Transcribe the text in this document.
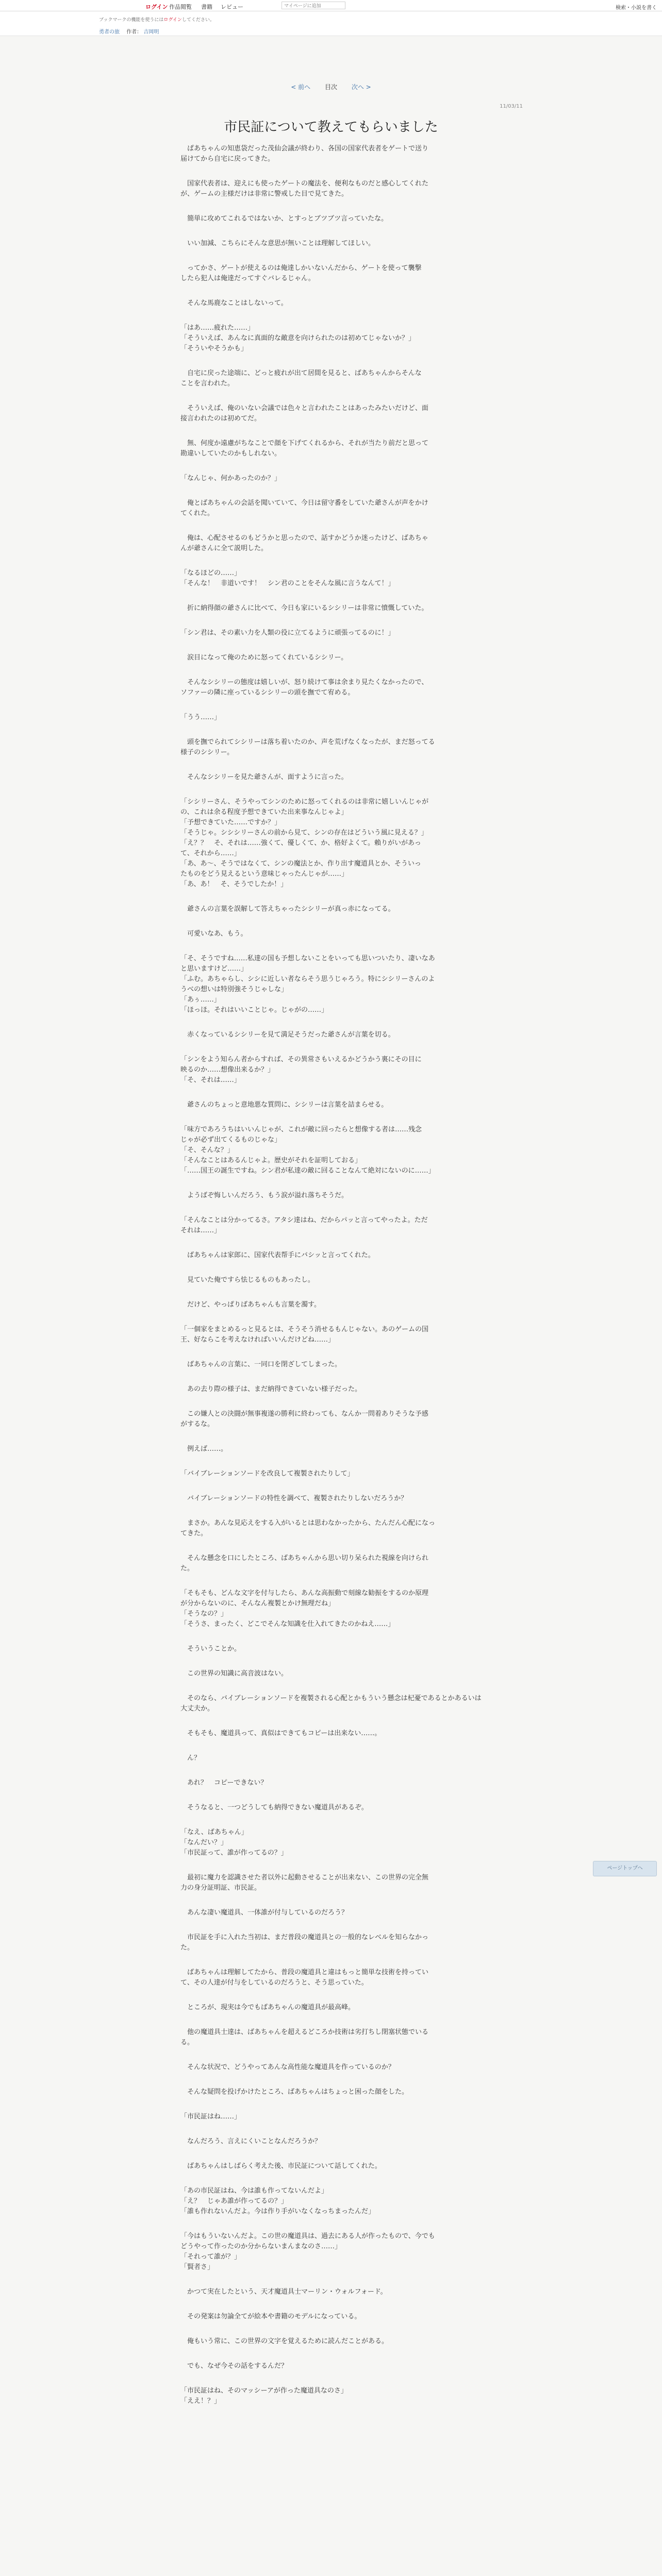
ログイン 作品閲覧 書籍 レビュー
マイページに追加	検索・小説を書く
ブックマークの機能を使うにはログインしてください。
勇者の旅 作者： 吉岡明
< 前へ 目次 次へ >
11/03/11
市民証について教えてもらいました
　ぱあちゃんの知恵袋だった茂仙会議が終わり、各国の国家代表者をゲートで送り
届けてから自宅に戻ってきた。
　国家代表者は、迎えにも使ったゲートの魔法を、便利なものだと感心してくれた
が、ゲームの主様だけは非常に警戒した目で見てきた。
　簡単に攻めてこれるではないか、とすっとブツブツ言っていたな。
　いい加減、こちらにそんな意思が無いことは理解してほしい。
　ってかさ、ゲートが使えるのは俺達しかいないんだから、ゲートを使って襲撃
したら犯人は俺達だってすぐバレるじゃん。
　そんな馬鹿なことはしないって。
「はあ……疲れた……」
「そういえば、あんなに真面的な敵意を向けられたのは初めてじゃないか？」
「そういやそうかも」
　自宅に戻った途端に、どっと疲れが出て居間を見ると、ばあちゃんからそんな
ことを言われた。
　そういえば、俺のいない会議では色々と言われたことはあったみたいだけど、面
接言われたのは初めてだ。
　無、何度か遠慮がちなことで顔を下げてくれるから、それが当たり前だと思って
勘違いしていたのかもしれない。
「なんじゃ、何かあったのか？」
　俺とばあちゃんの会話を聞いていて、今日は留守番をしていた爺さんが声をかけ
てくれた。
　俺は、心配させるのもどうかと思ったので、話すかどうか迷ったけど、ばあちゃ
んが爺さんに全て説明した。
「なるほどの……」
「そんな！　非道いです！　シン君のことをそんな風に言うなんて！」
　折に納得顔の爺さんに比べて、今日も家にいるシシリーは非常に憤慨していた。
「シン君は、その素い力を人類の役に立てるように頑張ってるのに！」
　涙目になって俺のために怒ってくれているシシリー。
　そんなシシリーの態度は嬉しいが、怒り続けて事は余まり見たくなかったので、
ソファーの隣に座っているシシリーの頭を撫でて宥める。
「うう……」
　頭を撫でられてシシリーは落ち着いたのか、声を荒げなくなったが、まだ怒ってる
様子のシシリー。
　そんなシシリーを見た爺さんが、面すように言った。
「シシリーさん、そうやってシンのために怒ってくれるのは非常に嬉しいんじゃが
の、これは余る程度予想できていた出来事なんじゃよ」
「予想できていた……ですか？」
「そうじゃ。シシシリーさんの前から見て、シンの存在はどういう風に見える？」
「え？？　そ、それは……強くて、優しくて、か、格好よくて。賴りがいがあっ
て、それから……」
「あ、あ〜、そうではなくて、シンの魔法とか、作り出す魔道具とか、そういっ
たものをどう見えるという意味じゃったんじゃが……」
「あ、あ！　そ、そうでしたか！」
　爺さんの言葉を誤解して答えちゃったシシリーが真っ赤になってる。
　可愛いなあ、もう。
「そ、そうですね……私達の国も予想しないことをいっても思いついたり、凄いなあ
と思いますけど……」
「ふむ。あちゃらし、シシに近しい者ならそう思うじゃろう。特にシシリーさんのよ
うべの想いは特別強そうじゃしな」
「あぅ……」
「ほっほ。それはいいことじゃ。じゃがの……」
　赤くなっているシシリーを見て満足そうだった爺さんが言葉を切る。
「シンをよう知らん者からすれば、その異常さもいえるかどうかう裏にその目に
映るのか……想像出来るか？」
「そ、それは……」
　爺さんのちょっと意地悪な質問に、シシリーは言葉を詰まらせる。
「味方であろうちはいいんじゃが、これが敵に回ったらと想像する者は……残念
じゃが必ず出てくるものじゃな」
「そ、そんな？」
「そんなことはあるんじゃよ。歴史がそれを証明しておる」
「……国王の誕生ですね。シン君が私達の敵に回ることなんて絶対にないのに……」
　ようばぞ悔しいんだろう、もう涙が溢れ落ちそうだ。
「そんなことは分かってるさ。アタシ達はね、だからパッと言ってやったよ。ただ
それは……」
　ばあちゃんは家郎に、国家代表帮手にバシッと言ってくれた。
　見ていた俺ですら怯じるものもあったし。
　だけど、やっぱりばあちゃんも言葉を濁す。
「一個家をまとめるっと見るとは、そうそう消せるもんじゃない。あのゲームの国
王、好ならこを考えなければいいんだけどね……」
　ばあちゃんの言葉に、一同口を閉ざしてしまった。
　あの去り際の様子は、まだ納得できていない様子だった。
　この嫌人との決闘が無事複遂の勝利に終わっても、なんか一問着ありそうな予感
がするな。
　例えば……。
「バイブレーションソードを改良して複製されたりして」
　バイブレーションソードの特性を調べて、複製されたりしないだろうか？
　まさか。あんな見応えをする入がいるとは思わなかったから、たんだん心配になっ
てきた。
　そんな懸念を口にしたところ、ばあちゃんから思い切り呆られた視線を向けられ
た。
「そもそも、どんな文字を付与したら、あんな高振動で刻線な勧振をするのか原理
が分からないのに、そんなん複製とかけ無理だね」
「そうなの？」
「そうさ、まったく、どこでそんな知識を仕入れてきたのかねえ……」
　そういうことか。
　この世界の知識に高音波はない。
　そのなら、バイブレーションソードを複製される心配とかもういう懸念は杞憂であるとかあるいは大丈夫か。
　そもそも、魔道具って、真似はできてもコピーは出来ない……。
　ん？
　あれ？　コピーできない？
　そうなると、一つどうしても納得できない魔道具があるぞ。
「なえ、ばあちゃん」
「なんだい？」
「市民証って、誰が作ってるの？」
　最初に魔力を認識させた者以外に起動させることが出来ない、この世界の完全無
力の身分証明証、市民証。
　あんな凄い魔道具、一体誰が付与しているのだろう？
　市民証を手に入れた当初は、まだ普段の魔道具との一般的なレベルを知らなかっ
た。
　ばあちゃんは理解してたから、普段の魔道具と違はもっと簡単な技術を持ってい
て、その人達が付与をしているのだろうと、そう思っていた。
　ところが、現実は今でもばあちゃんの魔道具が最高峰。
　他の魔道具士達は、ばあちゃんを超えるどころか技術は劣打ちし閉塞状態でいる
る。
　そんな状況で、どうやってあんな高性能な魔道具を作っているのか？
　そんな疑問を投げかけたところ、ばあちゃんはちょっと困った顔をした。
「市民証はね……」
　なんだろう、言えにくいことなんだろうか？
　ばあちゃんはしばらく考えた後、市民証について話してくれた。
「あの市民証はね、今は誰も作ってないんだよ」
「え？　じゃあ誰が作ってるの？」
「誰も作れないんだよ。今は作り手がいなくなっちまったんだ」
「今はもういないんだよ。この世の魔道具は、過去にある人が作ったもので、今でも
どうやって作ったのか分からないまんまなのさ……」
「それって誰が？」
「賢者さ」
　かつて実在したという、天才魔道具士マーリン・ウォルフォード。
　その発案は勿論全てが絵本や書籍のモデルになっている。
　俺もいう常に、この世界の文字を覚えるために読んだことがある。
　でも、なぜ今その話をするんだ？
「市民証はね、そのマッシーアが作った魔道具なのさ」
「ええ！？」
ページトップへ
